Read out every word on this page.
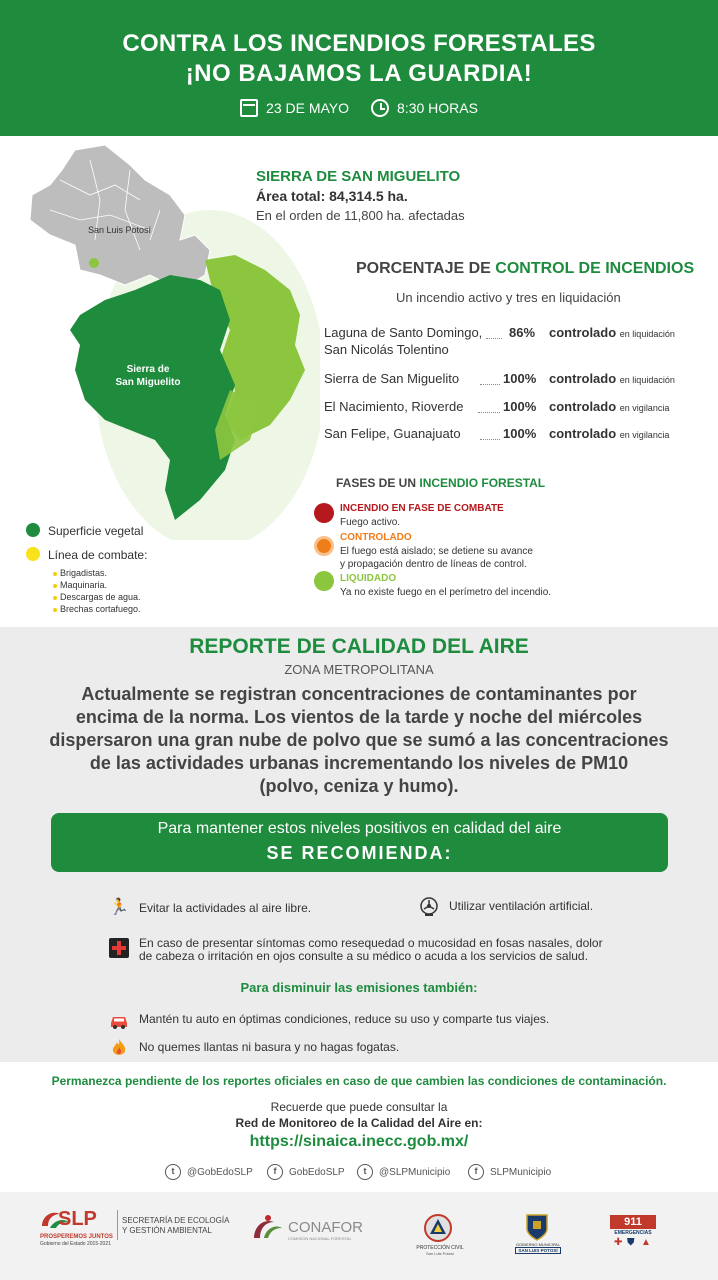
CONTRA LOS INCENDIOS FORESTALES
¡NO BAJAMOS LA GUARDIA!
23 DE MAYO	8:30 HORAS
San Luis Potosí
Sierra de
San Miguelito
SIERRA DE SAN MIGUELITO
Área total: 84,314.5 ha.
En el orden de 11,800 ha. afectadas
PORCENTAJE DE CONTROL DE INCENDIOS
Un incendio activo y tres en liquidación
Laguna de Santo Domingo,
San Nicolás Tolentino
86% controlado en liquidación
Sierra de San Miguelito	100% controlado en liquidación
El Nacimiento, Rioverde	100% controlado en vigilancia
San Felipe, Guanajuato	100% controlado en vigilancia
FASES DE UN INCENDIO FORESTAL
INCENDIO EN FASE DE COMBATE
Fuego activo.
CONTROLADO
El fuego está aislado; se detiene su avance
y propagación dentro de líneas de control.
LIQUIDADO
Ya no existe fuego en el perímetro del incendio.
Superficie vegetal
Línea de combate:
Brigadistas.
Maquinaria.
Descargas de agua.
Brechas cortafuego.
REPORTE DE CALIDAD DEL AIRE
ZONA METROPOLITANA
Actualmente se registran concentraciones de contaminantes por
encima de la norma. Los vientos de la tarde y noche del miércoles
dispersaron una gran nube de polvo que se sumó a las concentraciones
de las actividades urbanas incrementando los niveles de PM10
(polvo, ceniza y humo).
Para mantener estos niveles positivos en calidad del aire
SE RECOMIENDA:
🏃 Evitar la actividades al aire libre.	Utilizar ventilación artificial.
En caso de presentar síntomas como resequedad o mucosidad en fosas nasales, dolor
de cabeza o irritación en ojos consulte a su médico o acuda a los servicios de salud.
Para disminuir las emisiones también:
Mantén tu auto en óptimas condiciones, reduce su uso y comparte tus viajes.
No quemes llantas ni basura y no hagas fogatas.
Permanezca pendiente de los reportes oficiales en caso de que cambien las condiciones de contaminación.
Recuerde que puede consultar la
Red de Monitoreo de la Calidad del Aire en:
https://sinaica.inecc.gob.mx/
t	@GobEdoSLP	f	GobEdoSLP	t	@SLPMunicipio	f	SLPMunicipio
SLP
PROSPEREMOS JUNTOS
Gobierno del Estado 2015-2021
SECRETARÍA DE ECOLOGÍA
Y GESTIÓN AMBIENTAL	CONAFOR
COMISIÓN NACIONAL FORESTAL
PROTECCIÓN CIVIL
San Luis Potosí
GOBIERNO MUNICIPAL
SAN LUIS POTOSÍ
911
EMERGENCIAS
✚ ⛊ ▲
